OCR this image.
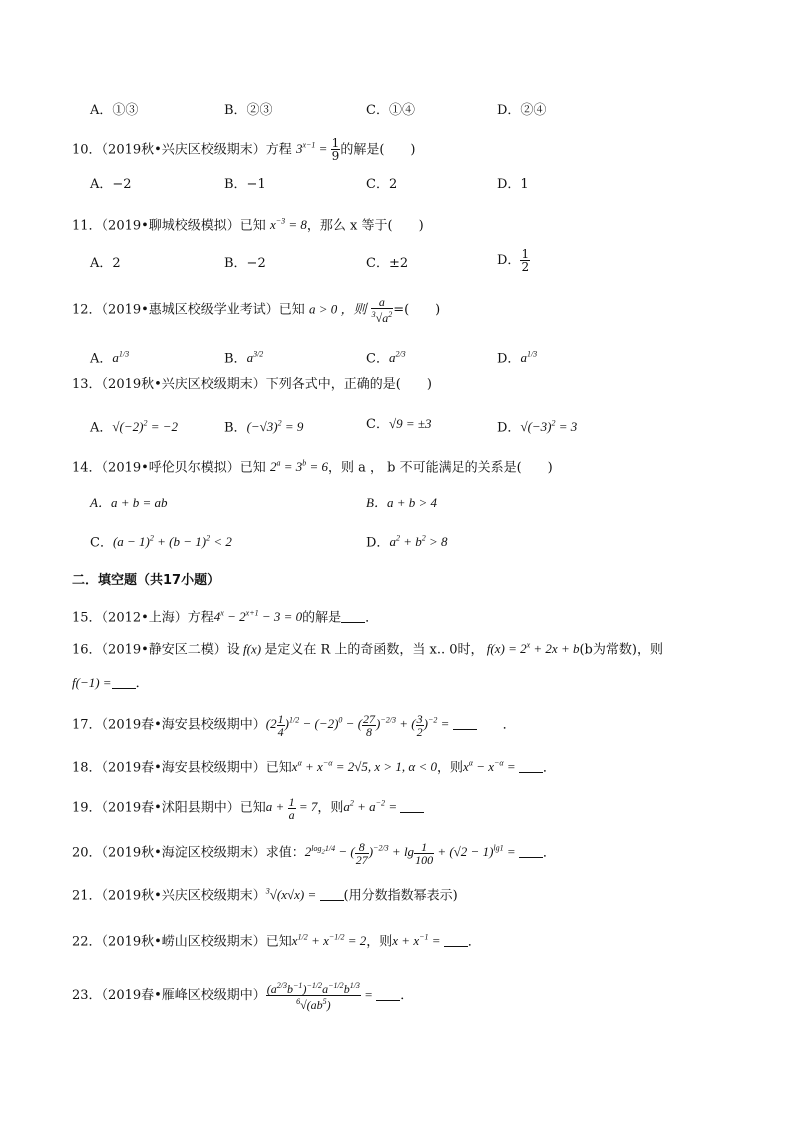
A．①③	B．②③	C．①④	D．②④
10．（2019秋•兴庆区校级期末）方程 $3^{x-1} = \frac{1}{9}$ 的解是(　　)
A．−2	B．−1	C．2	D．1
11．（2019•聊城校级模拟）已知 $x^{-3} = 8$，那么 x 等于(　　)
A．2	B．−2	C．±2	D． $\frac{1}{2}$
12．（2019•惠城区校级学业考试）已知 a > 0 ，则 $\frac{a}{^3√a^2}$ =(　　)
A．$a^{1/3}$	B．$a^{3/2}$	C．$a^{2/3}$	D．$a^{1/3}$
13．（2019秋•兴庆区校级期末）下列各式中，正确的是(　　)
A．$√(-2)^2 = -2$	B．$(-√3)^2 = 9$	C．√9 = ±3	D．$√(-3)^2 = 3$
14．（2019•呼伦贝尔模拟）已知 $2^a = 3^b = 6$，则 a ， b 不可能满足的关系是(　　)
A．a + b = ab	B．a + b > 4
C．$(a - 1)^2 + (b - 1)^2 < 2$	D．$a^2 + b^2 > 8$
二．填空题（共17小题）
15．（2012•上海）方程$4^x - 2^{x+1} - 3 = 0$的解是 ．
16．（2019•静安区二模）设 f(x) 是定义在 R 上的奇函数，当 x.. 0时， $f(x) = 2^x + 2x + b(b$为常数)，则
f(−1) = ．
17．（2019春•海安县校级期中）$(2 \frac{1}{4} )^{1/2} - (-2)^0$ − ( $\frac{27}{8} )^{-2/3}$ + ( $\frac{3}{2} )^{-2}$ = 　　．
18．（2019春•海安县校级期中）已知$x^\alpha + x^{-\alpha} = 2√5$, x > 1, α < 0，则$x^\alpha - x^{-\alpha}$ = ．
19．（2019春•沭阳县期中）已知$a + \frac{1}{a} = 7$，则$a^2 + a^{-2}$ =
20．（2019秋•海淀区校级期末）求值：$2^{log_21/4}$ − ( $\frac{8}{27} )^{-2/3} + \lg \frac{1}{100} + (√2 - 1)^{lg1}$ = ．
21．（2019秋•兴庆区校级期末）$^3$√(x√x) = (用分数指数幂表示)
22．（2019秋•崂山区校级期末）已知$x^{1/2} + x^{-1/2} = 2$，则$x + x^{-1}$ = ．
23．（2019春•雁峰区校级期中） $\frac{(a^{2/3}b^{-1})^{-1/2}a^{-1/2}b^{1/3}}{^6√(ab^5)}$ = ．
